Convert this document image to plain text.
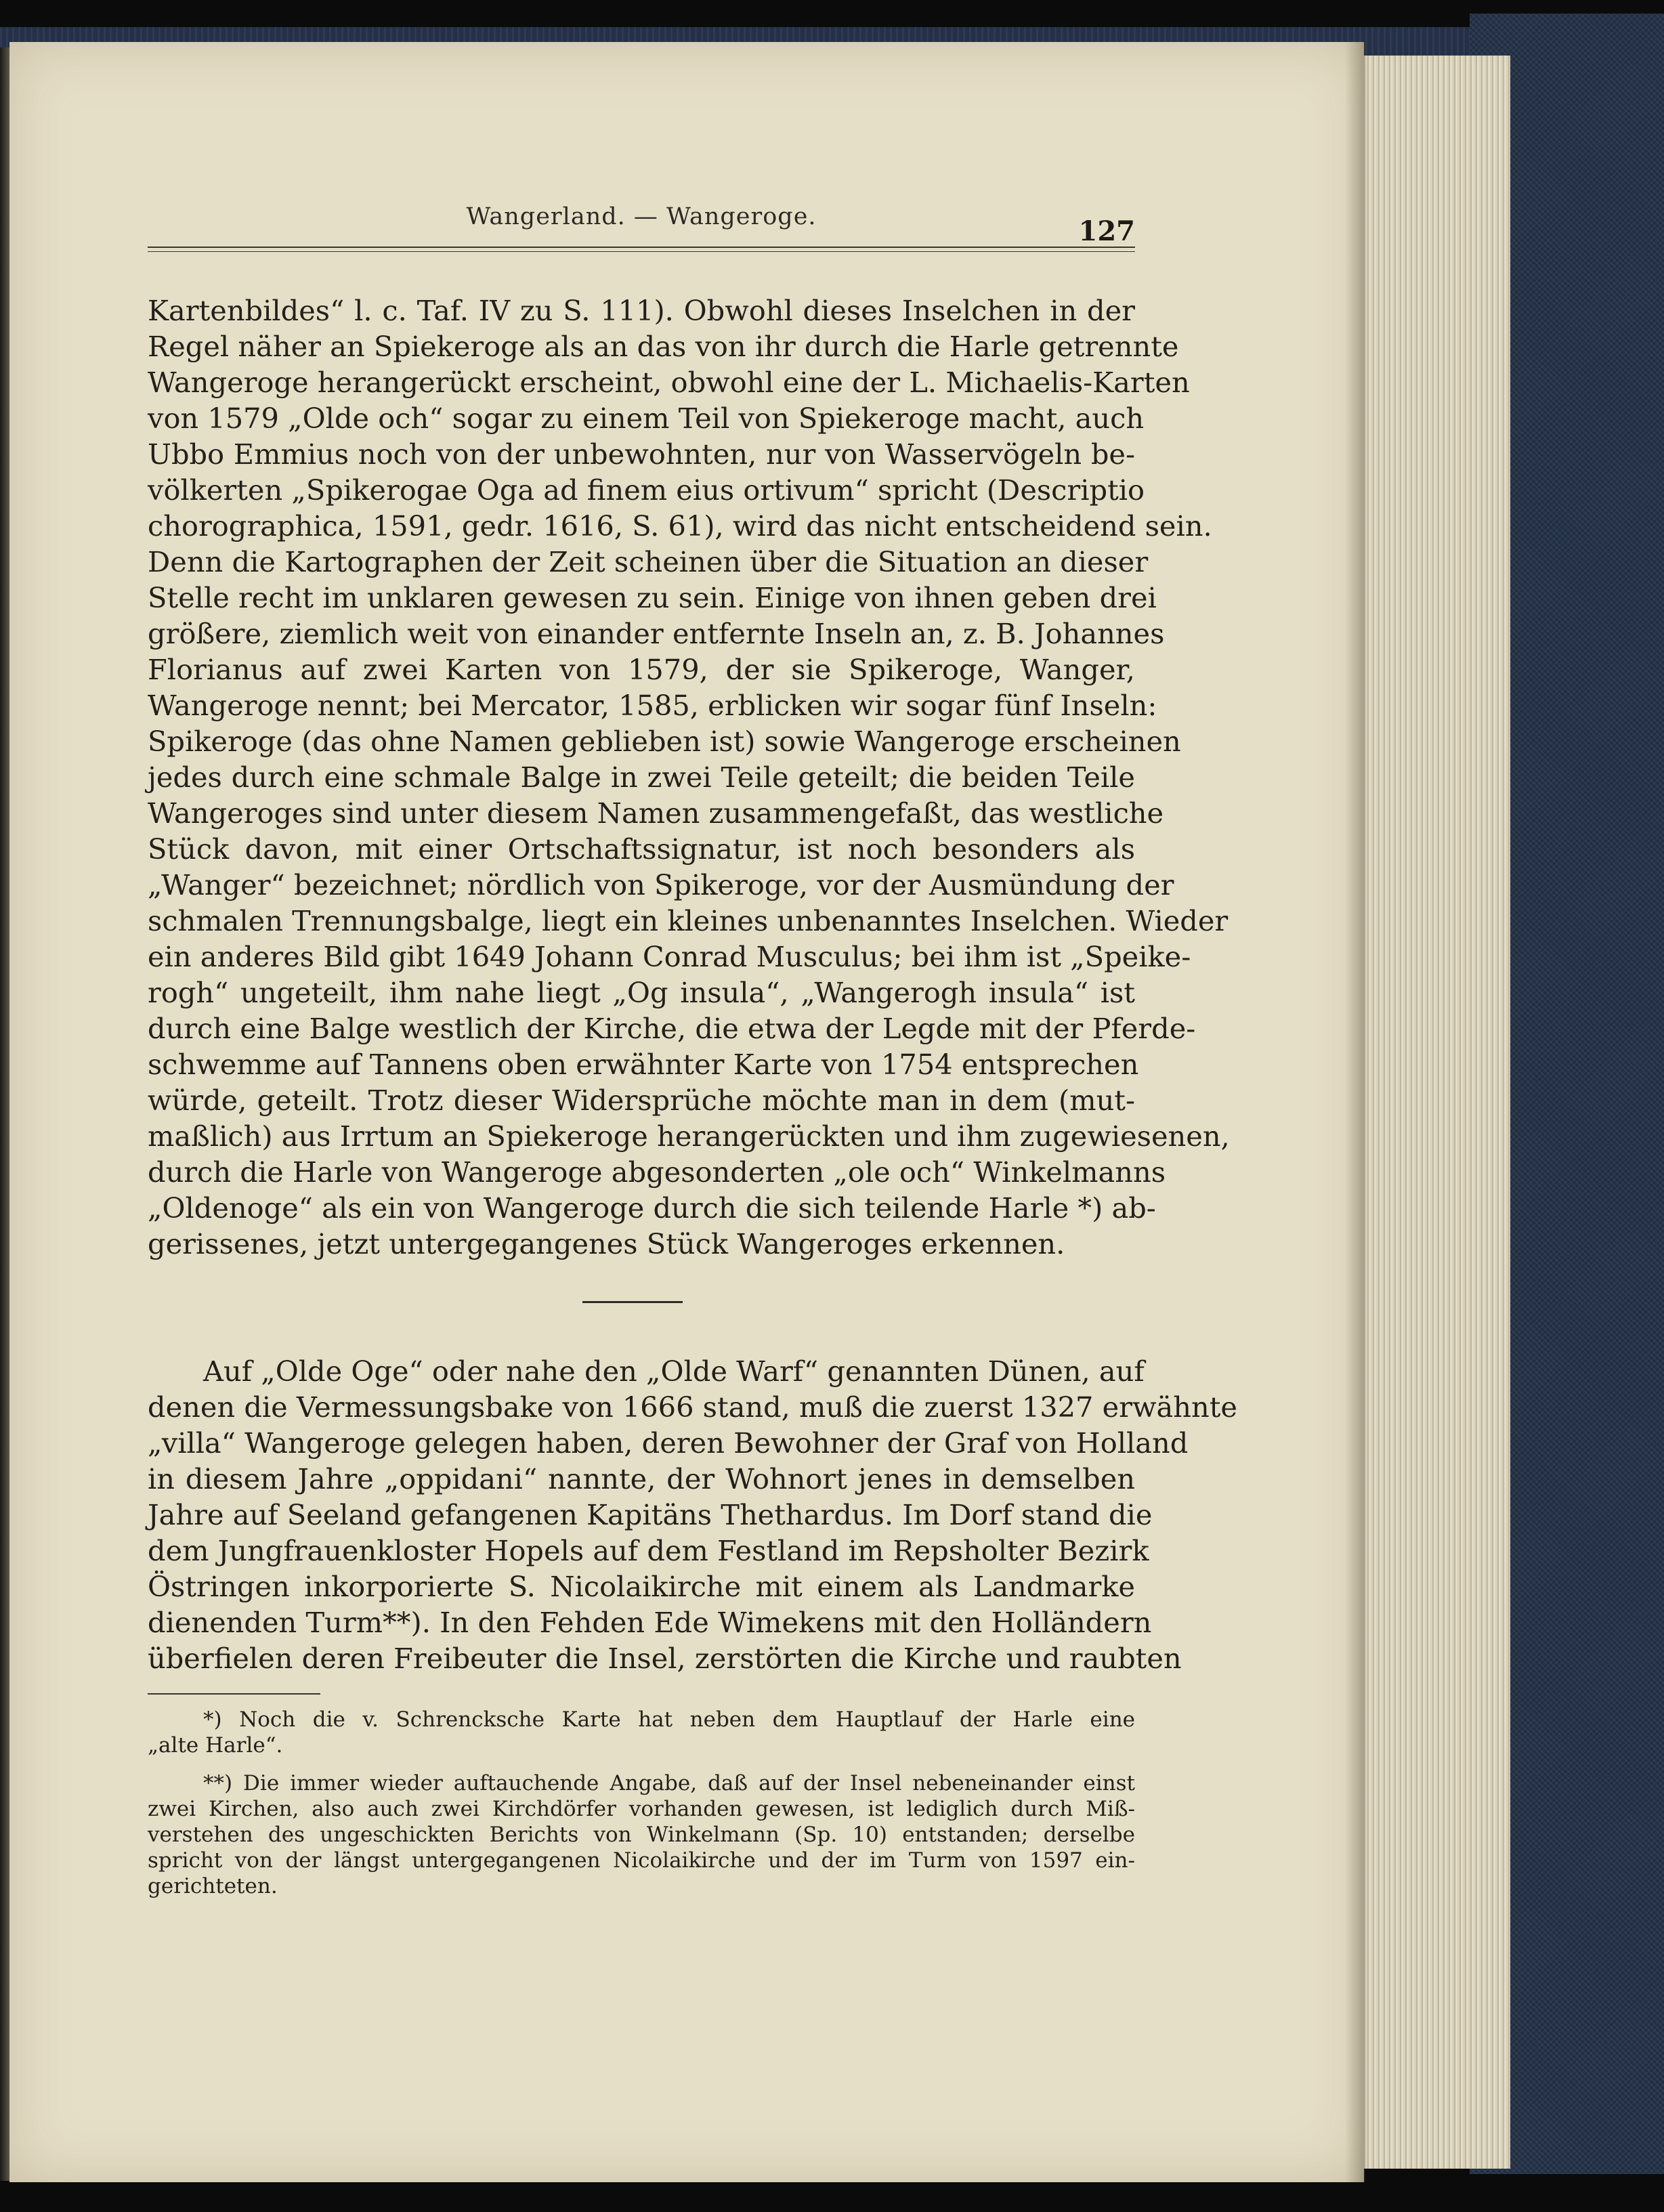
Wangerland. — Wangeroge.	127
Kartenbildes“ l. c. Taf. IV zu S. 111). Obwohl dieses Inselchen in der
Regel näher an Spiekeroge als an das von ihr durch die Harle getrennte
Wangeroge herangerückt erscheint, obwohl eine der L. Michaelis-Karten
von 1579 „Olde och“ sogar zu einem Teil von Spiekeroge macht, auch
Ubbo Emmius noch von der unbewohnten, nur von Wasservögeln be-
völkerten „Spikerogae Oga ad finem eius ortivum“ spricht (Descriptio
chorographica, 1591, gedr. 1616, S. 61), wird das nicht entscheidend sein.
Denn die Kartographen der Zeit scheinen über die Situation an dieser
Stelle recht im unklaren gewesen zu sein. Einige von ihnen geben drei
größere, ziemlich weit von einander entfernte Inseln an, z. B. Johannes
Florianus auf zwei Karten von 1579, der sie Spikeroge, Wanger,
Wangeroge nennt; bei Mercator, 1585, erblicken wir sogar fünf Inseln:
Spikeroge (das ohne Namen geblieben ist) sowie Wangeroge erscheinen
jedes durch eine schmale Balge in zwei Teile geteilt; die beiden Teile
Wangeroges sind unter diesem Namen zusammengefaßt, das westliche
Stück davon, mit einer Ortschaftssignatur, ist noch besonders als
„Wanger“ bezeichnet; nördlich von Spikeroge, vor der Ausmündung der
schmalen Trennungsbalge, liegt ein kleines unbenanntes Inselchen. Wieder
ein anderes Bild gibt 1649 Johann Conrad Musculus; bei ihm ist „Speike-
rogh“ ungeteilt, ihm nahe liegt „Og insula“, „Wangerogh insula“ ist
durch eine Balge westlich der Kirche, die etwa der Legde mit der Pferde-
schwemme auf Tannens oben erwähnter Karte von 1754 entsprechen
würde, geteilt. Trotz dieser Widersprüche möchte man in dem (mut-
maßlich) aus Irrtum an Spiekeroge herangerückten und ihm zugewiesenen,
durch die Harle von Wangeroge abgesonderten „ole och“ Winkelmanns
„Oldenoge“ als ein von Wangeroge durch die sich teilende Harle *) ab-
gerissenes, jetzt untergegangenes Stück Wangeroges erkennen.
Auf „Olde Oge“ oder nahe den „Olde Warf“ genannten Dünen, auf
denen die Vermessungsbake von 1666 stand, muß die zuerst 1327 erwähnte
„villa“ Wangeroge gelegen haben, deren Bewohner der Graf von Holland
in diesem Jahre „oppidani“ nannte, der Wohnort jenes in demselben
Jahre auf Seeland gefangenen Kapitäns Thethardus. Im Dorf stand die
dem Jungfrauenkloster Hopels auf dem Festland im Repsholter Bezirk
Östringen inkorporierte S. Nicolaikirche mit einem als Landmarke
dienenden Turm**). In den Fehden Ede Wimekens mit den Holländern
überfielen deren Freibeuter die Insel, zerstörten die Kirche und raubten
*) Noch die v. Schrenckschе Karte hat neben dem Hauptlauf der Harle eine
„alte Harle“.
**) Die immer wieder auftauchende Angabe, daß auf der Insel nebeneinander einst
zwei Kirchen, also auch zwei Kirchdörfer vorhanden gewesen, ist lediglich durch Miß-
verstehen des ungeschickten Berichts von Winkelmann (Sp. 10) entstanden; derselbe
spricht von der längst untergegangenen Nicolaikirche und der im Turm von 1597 ein-
gerichteten.
